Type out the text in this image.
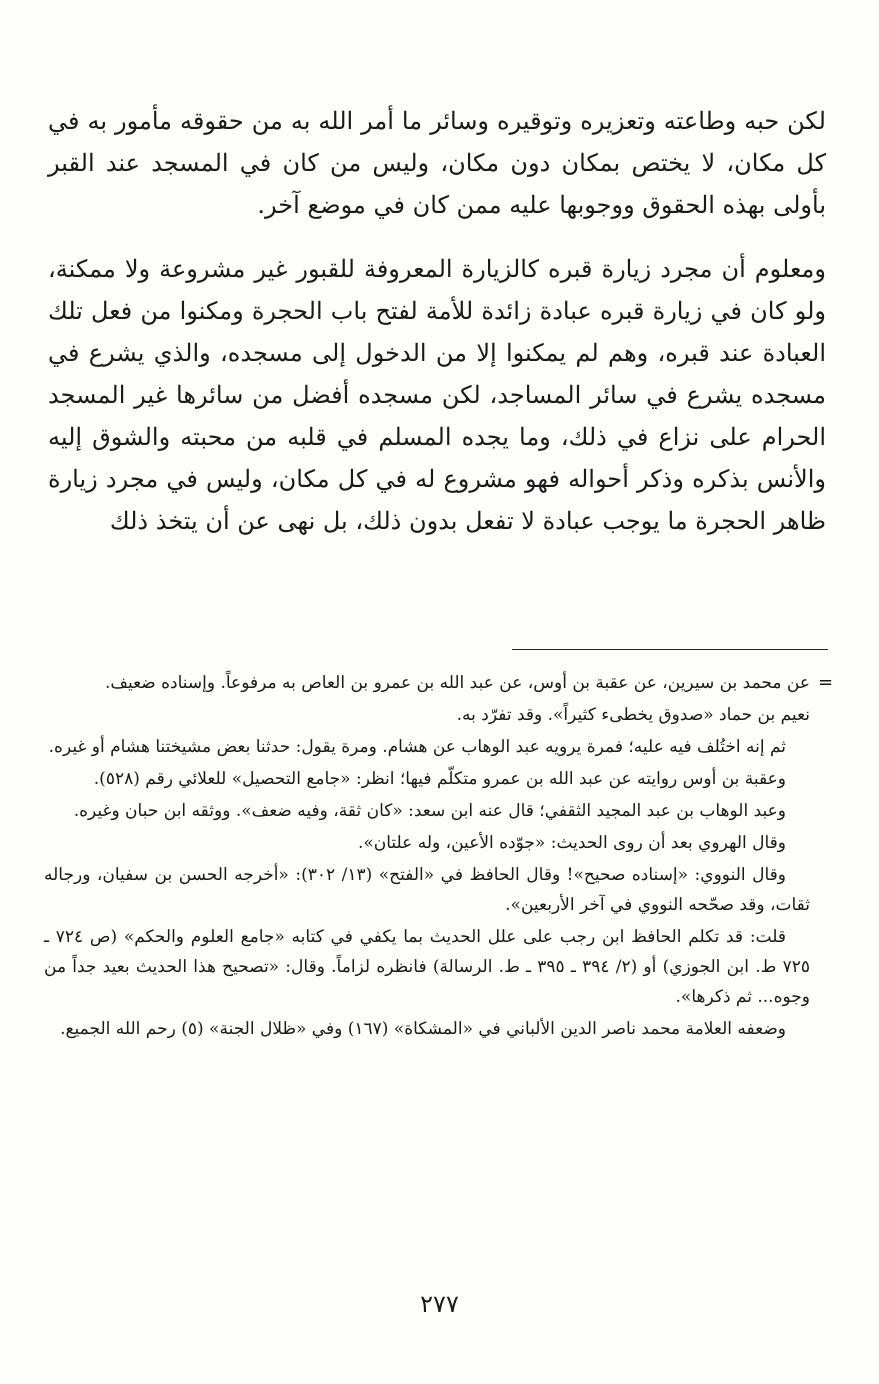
لكن حبه وطاعته وتعزيره وتوقيره وسائر ما أمر الله به من حقوقه مأمور به في كل مكان، لا يختص بمكان دون مكان، وليس من كان في المسجد عند القبر بأولى بهذه الحقوق ووجوبها عليه ممن كان في موضع آخر.

ومعلوم أن مجرد زيارة قبره كالزيارة المعروفة للقبور غير مشروعة ولا ممكنة، ولو كان في زيارة قبره عبادة زائدة للأمة لفتح باب الحجرة ومكنوا من فعل تلك العبادة عند قبره، وهم لم يمكنوا إلا من الدخول إلى مسجده، والذي يشرع في مسجده يشرع في سائر المساجد، لكن مسجده أفضل من سائرها غير المسجد الحرام على نزاع في ذلك، وما يجده المسلم في قلبه من محبته والشوق إليه والأنس بذكره وذكر أحواله فهو مشروع له في كل مكان، وليس في مجرد زيارة ظاهر الحجرة ما يوجب عبادة لا تفعل بدون ذلك، بل نهى عن أن يتخذ ذلك

=

عن محمد بن سيرين، عن عقبة بن أوس، عن عبد الله بن عمرو بن العاص به مرفوعاً. وإسناده ضعيف.

نعيم بن حماد «صدوق يخطىء كثيراً». وقد تفرّد به.

ثم إنه اختُلف فيه عليه؛ فمرة يرويه عبد الوهاب عن هشام. ومرة يقول: حدثنا بعض مشيختنا هشام أو غيره.

وعقبة بن أوس روايته عن عبد الله بن عمرو متكلّم فيها؛ انظر: «جامع التحصيل» للعلائي رقم (٥٢٨).

وعبد الوهاب بن عبد المجيد الثقفي؛ قال عنه ابن سعد: «كان ثقة، وفيه ضعف». ووثقه ابن حبان وغيره.

وقال الهروي بعد أن روى الحديث: «جوّده الأعين، وله علتان».

وقال النووي: «إسناده صحيح»! وقال الحافظ في «الفتح» (١٣/ ٣٠٢): «أخرجه الحسن بن سفيان، ورجاله ثقات، وقد صحّحه النووي في آخر الأربعين».

قلت: قد تكلم الحافظ ابن رجب على علل الحديث بما يكفي في كتابه «جامع العلوم والحكم» (ص ٧٢٤ ـ ٧٢٥ ط. ابن الجوزي) أو (٢/ ٣٩٤ ـ ٣٩٥ ـ ط. الرسالة) فانظره لزاماً. وقال: «تصحيح هذا الحديث بعيد جداً من وجوه... ثم ذكرها».

وضعفه العلامة محمد ناصر الدين الألباني في «المشكاة» (١٦٧) وفي «ظلال الجنة» (٥) رحم الله الجميع.

٢٧٧
